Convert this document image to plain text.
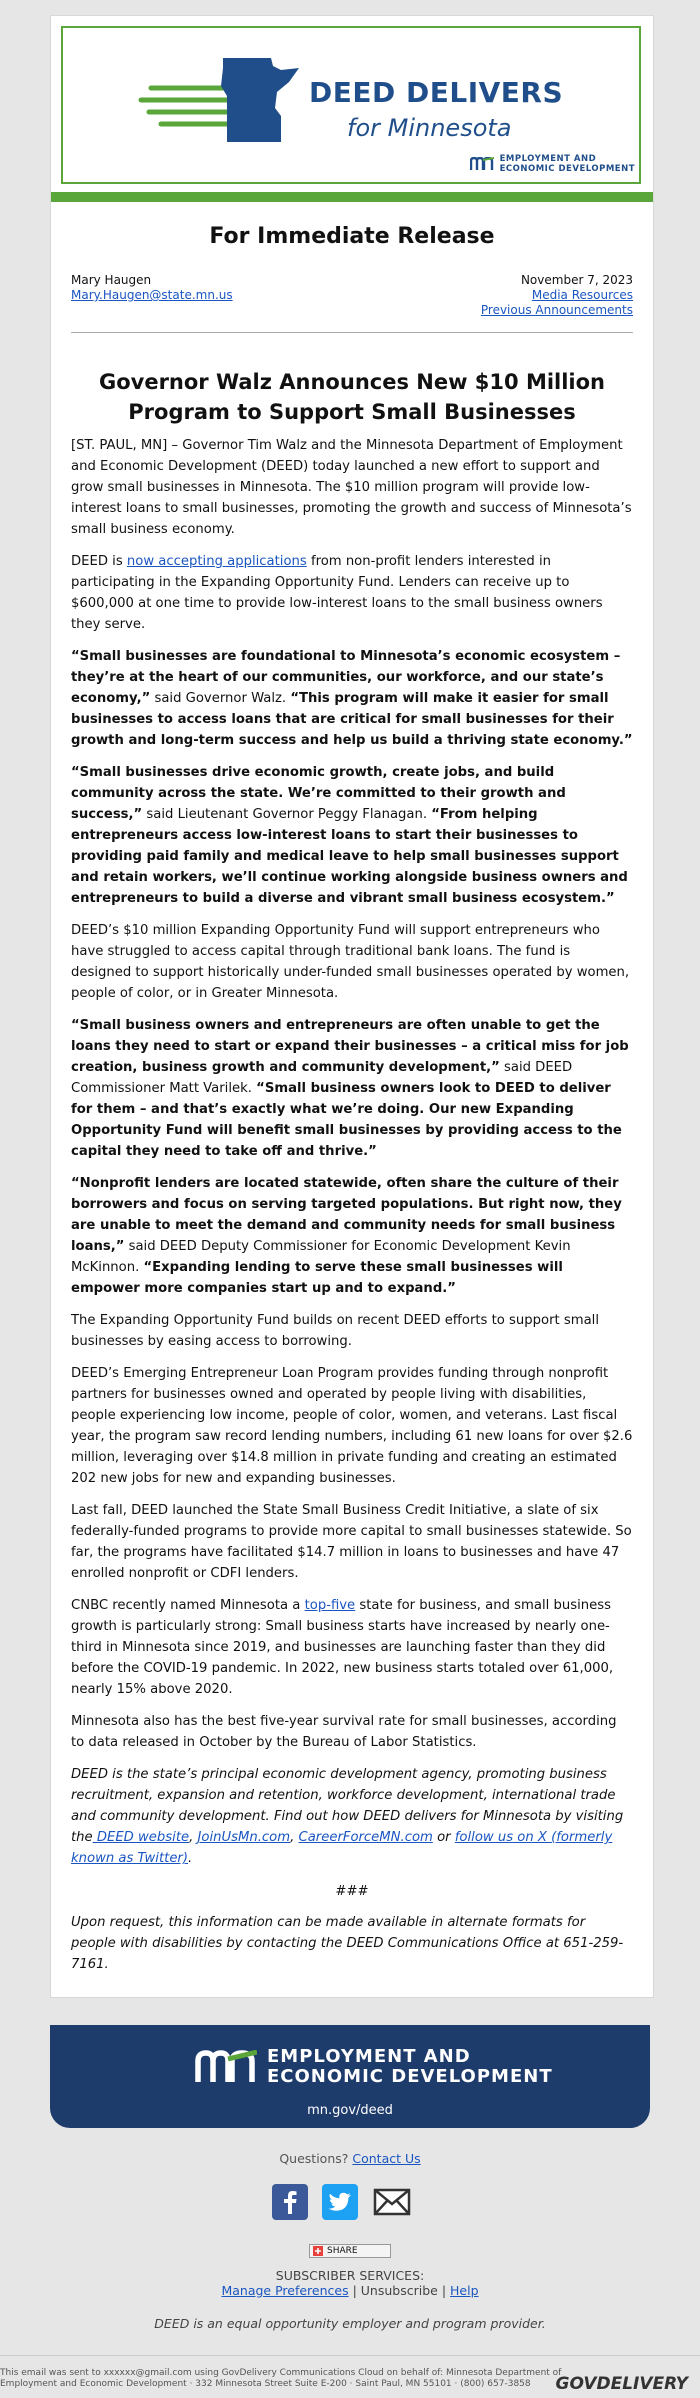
DEED DELIVERS
for Minnesota
EMPLOYMENT AND
ECONOMIC DEVELOPMENT
For Immediate Release
Mary Haugen
Mary.Haugen@state.mn.us
November 7, 2023
Media Resources
Previous Announcements
Governor Walz Announces New $10 Million Program to Support Small Businesses

[ST. PAUL, MN] – Governor Tim Walz and the Minnesota Department of Employment and Economic Development (DEED) today launched a new effort to support and grow small businesses in Minnesota. The $10 million program will provide low-interest loans to small businesses, promoting the growth and success of Minnesota’s small business economy.

DEED is now accepting applications from non-profit lenders interested in participating in the Expanding Opportunity Fund. Lenders can receive up to $600,000 at one time to provide low-interest loans to the small business owners they serve.

“Small businesses are foundational to Minnesota’s economic ecosystem – they’re at the heart of our communities, our workforce, and our state’s economy,” said Governor Walz. “This program will make it easier for small businesses to access loans that are critical for small businesses for their growth and long-term success and help us build a thriving state economy.”

“Small businesses drive economic growth, create jobs, and build community across the state. We’re committed to their growth and success,” said Lieutenant Governor Peggy Flanagan. “From helping entrepreneurs access low-interest loans to start their businesses to providing paid family and medical leave to help small businesses support and retain workers, we’ll continue working alongside business owners and entrepreneurs to build a diverse and vibrant small business ecosystem.”

DEED’s $10 million Expanding Opportunity Fund will support entrepreneurs who have struggled to access capital through traditional bank loans. The fund is designed to support historically under-funded small businesses operated by women, people of color, or in Greater Minnesota.

“Small business owners and entrepreneurs are often unable to get the loans they need to start or expand their businesses – a critical miss for job creation, business growth and community development,” said DEED Commissioner Matt Varilek. “Small business owners look to DEED to deliver for them – and that’s exactly what we’re doing. Our new Expanding Opportunity Fund will benefit small businesses by providing access to the capital they need to take off and thrive.”

“Nonprofit lenders are located statewide, often share the culture of their borrowers and focus on serving targeted populations. But right now, they are unable to meet the demand and community needs for small business loans,” said DEED Deputy Commissioner for Economic Development Kevin McKinnon. “Expanding lending to serve these small businesses will empower more companies start up and to expand.”

The Expanding Opportunity Fund builds on recent DEED efforts to support small businesses by easing access to borrowing.

DEED’s Emerging Entrepreneur Loan Program provides funding through nonprofit partners for businesses owned and operated by people living with disabilities, people experiencing low income, people of color, women, and veterans. Last fiscal year, the program saw record lending numbers, including 61 new loans for over $2.6 million, leveraging over $14.8 million in private funding and creating an estimated 202 new jobs for new and expanding businesses.

Last fall, DEED launched the State Small Business Credit Initiative, a slate of six federally-funded programs to provide more capital to small businesses statewide. So far, the programs have facilitated $14.7 million in loans to businesses and have 47 enrolled nonprofit or CDFI lenders.

CNBC recently named Minnesota a top-five state for business, and small business growth is particularly strong: Small business starts have increased by nearly one-third in Minnesota since 2019, and businesses are launching faster than they did before the COVID-19 pandemic. In 2022, new business starts totaled over 61,000, nearly 15% above 2020.

Minnesota also has the best five-year survival rate for small businesses, according to data released in October by the Bureau of Labor Statistics.

DEED is the state’s principal economic development agency, promoting business recruitment, expansion and retention, workforce development, international trade and community development. Find out how DEED delivers for Minnesota by visiting the DEED website, JoinUsMn.com, CareerForceMN.com or follow us on X (formerly known as Twitter).

###

Upon request, this information can be made available in alternate formats for people with disabilities by contacting the DEED Communications Office at 651-259-7161.

EMPLOYMENT AND
ECONOMIC DEVELOPMENT
mn.gov/deed
Questions? Contact Us
SHARE
SUBSCRIBER SERVICES:
Manage Preferences | Unsubscribe | Help
DEED is an equal opportunity employer and program provider.
This email was sent to xxxxxx@gmail.com using GovDelivery Communications Cloud on behalf of: Minnesota Department of Employment and Economic Development · 332 Minnesota Street Suite E-200 · Saint Paul, MN 55101 · (800) 657-3858	GOVDELIVERY
